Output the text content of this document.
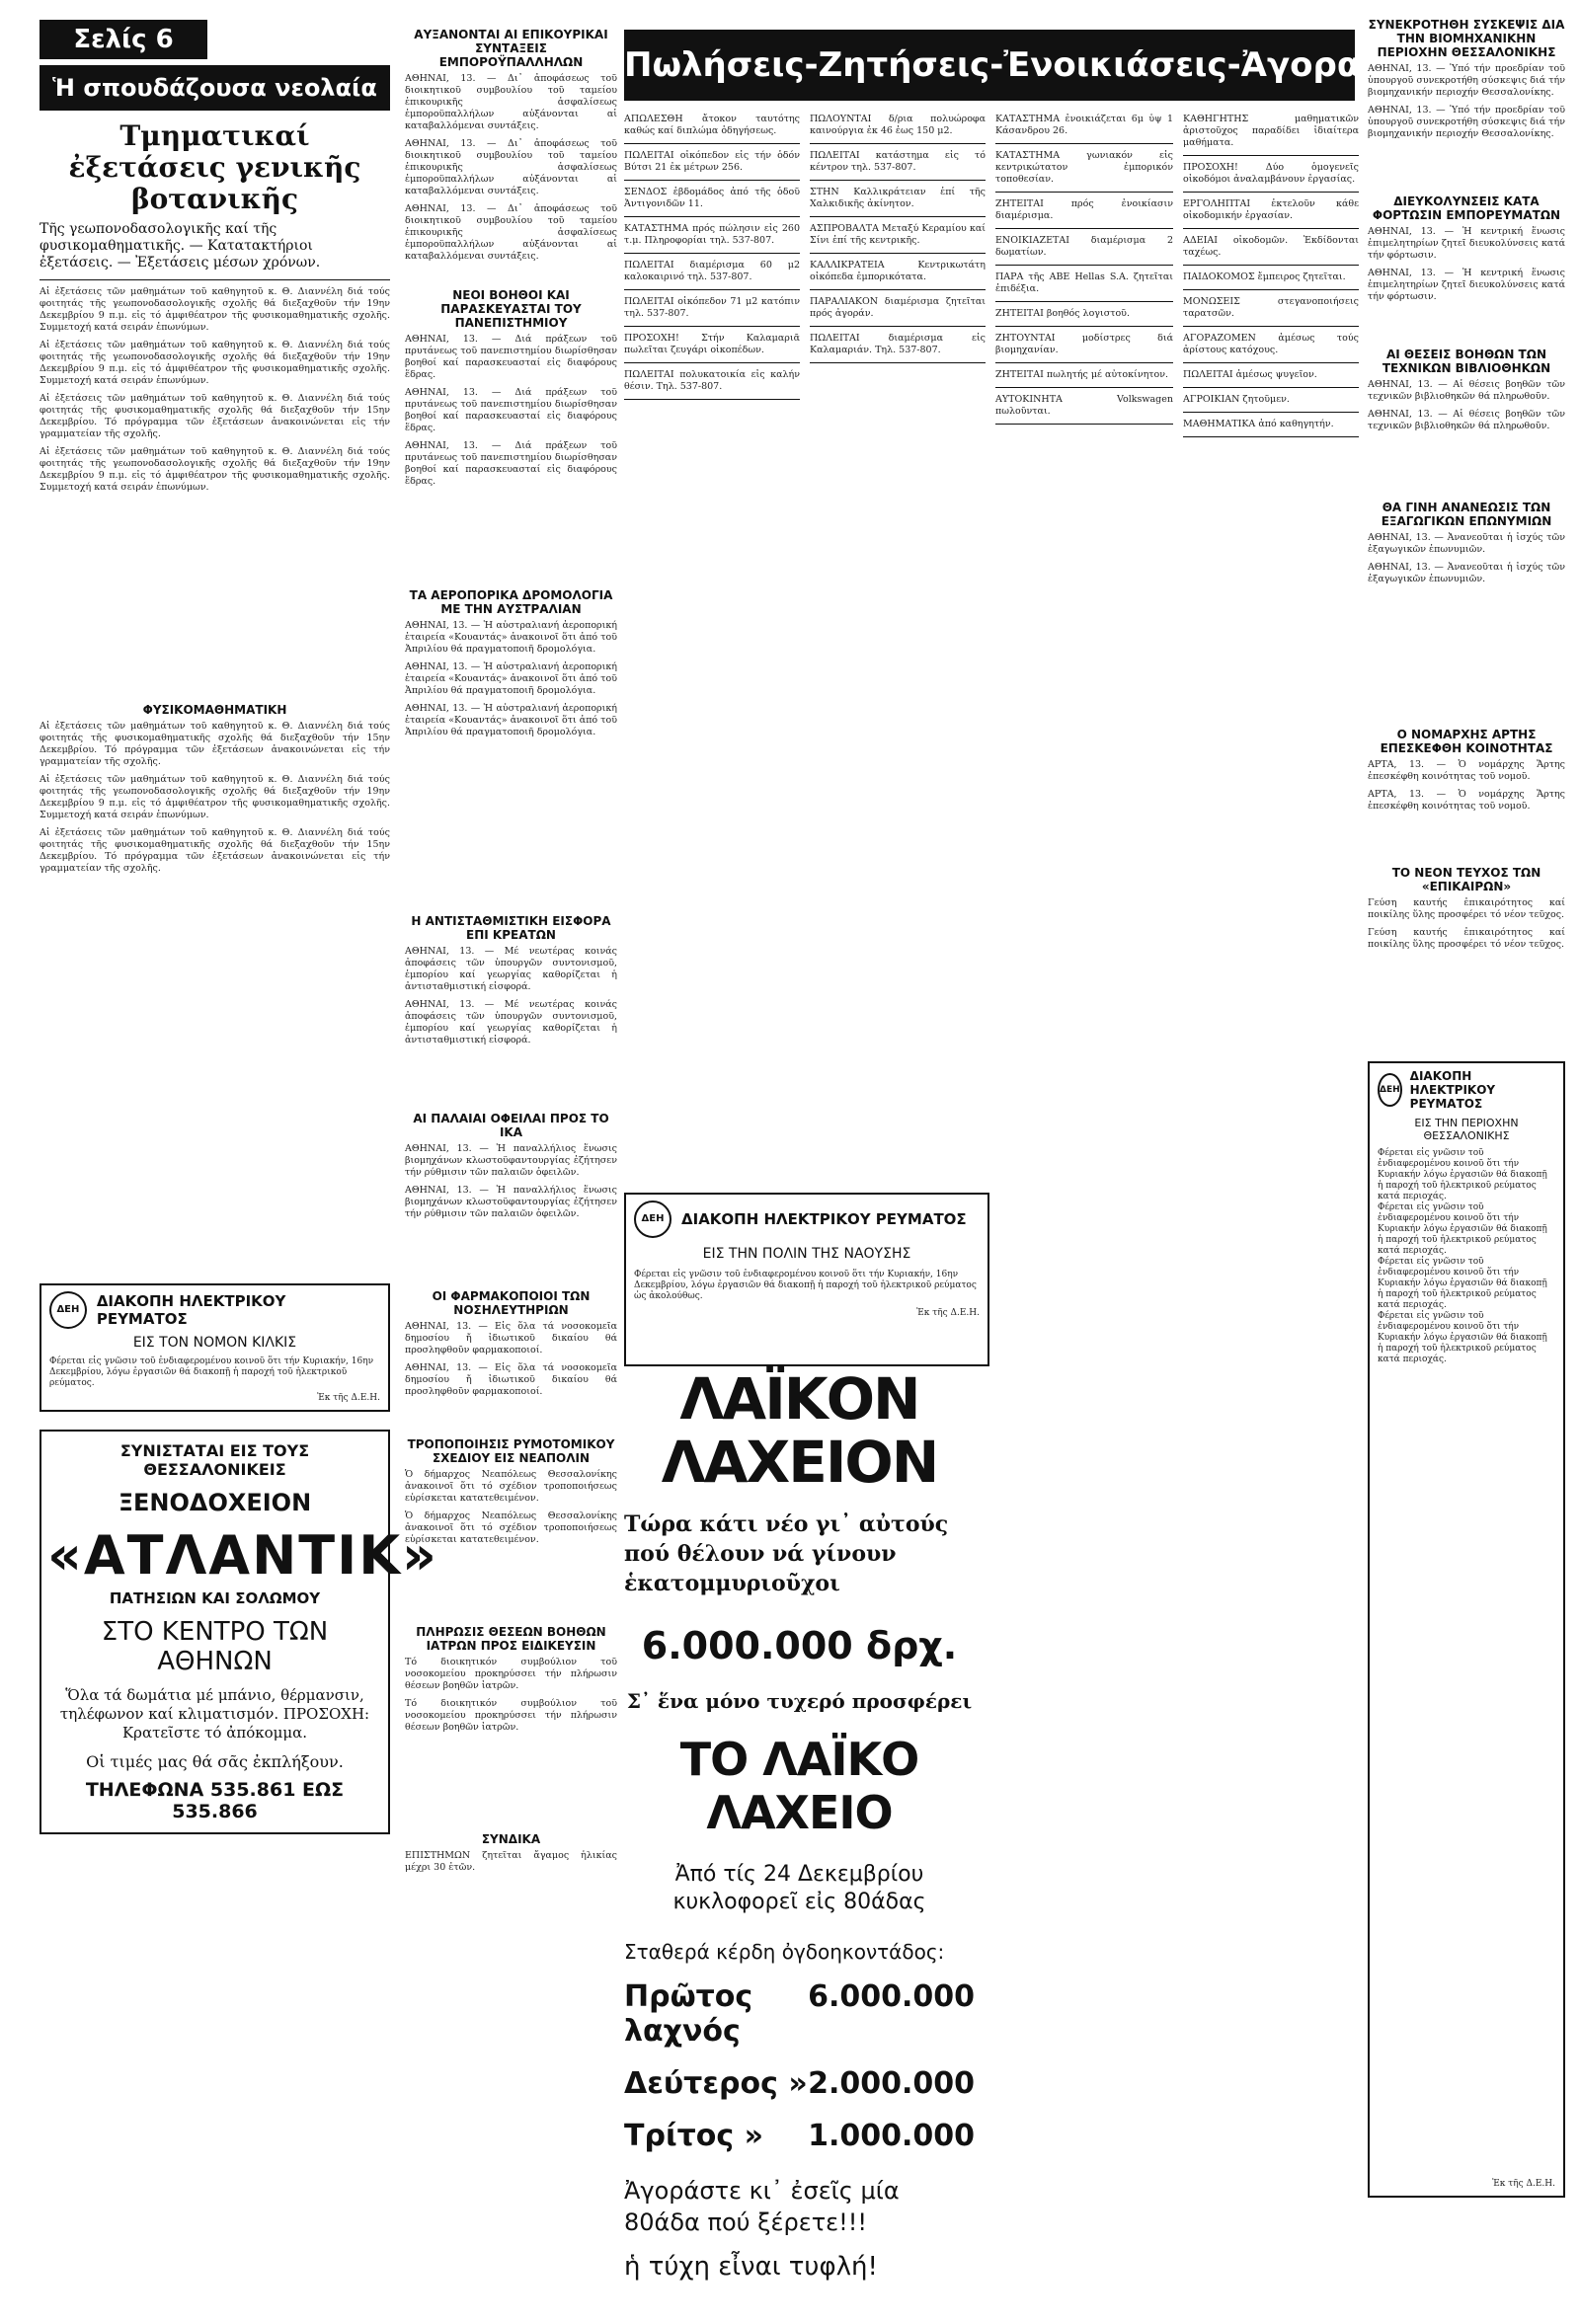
Σελίς 6
Ἡ σπουδάζουσα νεολαία
Τμηματικαί ἐξετάσεις γενικῆς βοτανικῆς
Τῆς γεωπονοδασολογικῆς καί τῆς φυσικομαθηματικῆς. — Κατατακτήριοι ἐξετάσεις. — Ἐξετάσεις μέσων χρόνων.

Αἱ ἐξετάσεις τῶν μαθημάτων τοῦ καθηγητοῦ κ. Θ. Διαννέλη διά τούς φοιτητάς τῆς γεωπονοδασολογικῆς σχολῆς θά διεξαχθοῦν τήν 19ην Δεκεμβρίου 9 π.μ. εἰς τό ἀμφιθέατρον τῆς φυσικομαθηματικῆς σχολῆς. Συμμετοχή κατά σειράν ἐπωνύμων.

Αἱ ἐξετάσεις τῶν μαθημάτων τοῦ καθηγητοῦ κ. Θ. Διαννέλη διά τούς φοιτητάς τῆς γεωπονοδασολογικῆς σχολῆς θά διεξαχθοῦν τήν 19ην Δεκεμβρίου 9 π.μ. εἰς τό ἀμφιθέατρον τῆς φυσικομαθηματικῆς σχολῆς. Συμμετοχή κατά σειράν ἐπωνύμων.

Αἱ ἐξετάσεις τῶν μαθημάτων τοῦ καθηγητοῦ κ. Θ. Διαννέλη διά τούς φοιτητάς τῆς φυσικομαθηματικῆς σχολῆς θά διεξαχθοῦν τήν 15ην Δεκεμβρίου. Τό πρόγραμμα τῶν ἐξετάσεων ἀνακοινώνεται εἰς τήν γραμματείαν τῆς σχολῆς.

Αἱ ἐξετάσεις τῶν μαθημάτων τοῦ καθηγητοῦ κ. Θ. Διαννέλη διά τούς φοιτητάς τῆς γεωπονοδασολογικῆς σχολῆς θά διεξαχθοῦν τήν 19ην Δεκεμβρίου 9 π.μ. εἰς τό ἀμφιθέατρον τῆς φυσικομαθηματικῆς σχολῆς. Συμμετοχή κατά σειράν ἐπωνύμων.

ΦΥΣΙΚΟΜΑΘΗΜΑΤΙΚΗ

Αἱ ἐξετάσεις τῶν μαθημάτων τοῦ καθηγητοῦ κ. Θ. Διαννέλη διά τούς φοιτητάς τῆς φυσικομαθηματικῆς σχολῆς θά διεξαχθοῦν τήν 15ην Δεκεμβρίου. Τό πρόγραμμα τῶν ἐξετάσεων ἀνακοινώνεται εἰς τήν γραμματείαν τῆς σχολῆς.

Αἱ ἐξετάσεις τῶν μαθημάτων τοῦ καθηγητοῦ κ. Θ. Διαννέλη διά τούς φοιτητάς τῆς γεωπονοδασολογικῆς σχολῆς θά διεξαχθοῦν τήν 19ην Δεκεμβρίου 9 π.μ. εἰς τό ἀμφιθέατρον τῆς φυσικομαθηματικῆς σχολῆς. Συμμετοχή κατά σειράν ἐπωνύμων.

Αἱ ἐξετάσεις τῶν μαθημάτων τοῦ καθηγητοῦ κ. Θ. Διαννέλη διά τούς φοιτητάς τῆς φυσικομαθηματικῆς σχολῆς θά διεξαχθοῦν τήν 15ην Δεκεμβρίου. Τό πρόγραμμα τῶν ἐξετάσεων ἀνακοινώνεται εἰς τήν γραμματείαν τῆς σχολῆς.

ΔΕΗ	ΔΙΑΚΟΠΗ ΗΛΕΚΤΡΙΚΟΥ ΡΕΥΜΑΤΟΣ
ΕΙΣ ΤΟΝ ΝΟΜΟΝ ΚΙΛΚΙΣ
Φέρεται εἰς γνῶσιν τοῦ ἐνδιαφερομένου κοινοῦ ὅτι τήν Κυριακήν, 16ην Δεκεμβρίου, λόγω ἐργασιῶν θά διακοπῇ ἡ παροχή τοῦ ἡλεκτρικοῦ ρεύματος.
Ἐκ τῆς Δ.Ε.Η.
ΣΥΝΙΣΤΑΤΑΙ ΕΙΣ ΤΟΥΣ ΘΕΣΣΑΛΟΝΙΚΕΙΣ
ΞΕΝΟΔΟΧΕΙΟΝ
«ΑΤΛΑΝΤΙΚ»
ΠΑΤΗΣΙΩΝ ΚΑΙ ΣΟΛΩΜΟΥ
ΣΤΟ ΚΕΝΤΡΟ ΤΩΝ ΑΘΗΝΩΝ
Ὅλα τά δωμάτια μέ μπάνιο, θέρμανσιν, τηλέφωνον καί κλιματισμόν. ΠΡΟΣΟΧΗ: Κρατεῖστε τό ἀπόκομμα.
Οἱ τιμές μας θά σᾶς ἐκπλήξουν.
ΤΗΛΕΦΩΝΑ 535.861 ΕΩΣ 535.866
ΑΥΞΑΝΟΝΤΑΙ ΑΙ ΕΠΙΚΟΥΡΙΚΑΙ ΣΥΝΤΑΞΕΙΣ ΕΜΠΟΡΟΫΠΑΛΛΗΛΩΝ

ΑΘΗΝΑΙ, 13. — Δι᾽ ἀποφάσεως τοῦ διοικητικοῦ συμβουλίου τοῦ ταμείου ἐπικουρικῆς ἀσφαλίσεως ἐμποροϋπαλλήλων αὐξάνονται αἱ καταβαλλόμεναι συντάξεις.

ΑΘΗΝΑΙ, 13. — Δι᾽ ἀποφάσεως τοῦ διοικητικοῦ συμβουλίου τοῦ ταμείου ἐπικουρικῆς ἀσφαλίσεως ἐμποροϋπαλλήλων αὐξάνονται αἱ καταβαλλόμεναι συντάξεις.

ΑΘΗΝΑΙ, 13. — Δι᾽ ἀποφάσεως τοῦ διοικητικοῦ συμβουλίου τοῦ ταμείου ἐπικουρικῆς ἀσφαλίσεως ἐμποροϋπαλλήλων αὐξάνονται αἱ καταβαλλόμεναι συντάξεις.

ΝΕΟΙ ΒΟΗΘΟΙ ΚΑΙ ΠΑΡΑΣΚΕΥΑΣΤΑΙ ΤΟΥ ΠΑΝΕΠΙΣΤΗΜΙΟΥ

ΑΘΗΝΑΙ, 13. — Διά πράξεων τοῦ πρυτάνεως τοῦ πανεπιστημίου διωρίσθησαν βοηθοί καί παρασκευασταί εἰς διαφόρους ἕδρας.

ΑΘΗΝΑΙ, 13. — Διά πράξεων τοῦ πρυτάνεως τοῦ πανεπιστημίου διωρίσθησαν βοηθοί καί παρασκευασταί εἰς διαφόρους ἕδρας.

ΑΘΗΝΑΙ, 13. — Διά πράξεων τοῦ πρυτάνεως τοῦ πανεπιστημίου διωρίσθησαν βοηθοί καί παρασκευασταί εἰς διαφόρους ἕδρας.

ΤΑ ΑΕΡΟΠΟΡΙΚΑ ΔΡΟΜΟΛΟΓΙΑ ΜΕ ΤΗΝ ΑΥΣΤΡΑΛΙΑΝ

ΑΘΗΝΑΙ, 13. — Ἡ αὐστραλιανή ἀεροπορική ἑταιρεία «Κουαντάς» ἀνακοινοῖ ὅτι ἀπό τοῦ Ἀπριλίου θά πραγματοποιῆ δρομολόγια.

ΑΘΗΝΑΙ, 13. — Ἡ αὐστραλιανή ἀεροπορική ἑταιρεία «Κουαντάς» ἀνακοινοῖ ὅτι ἀπό τοῦ Ἀπριλίου θά πραγματοποιῆ δρομολόγια.

ΑΘΗΝΑΙ, 13. — Ἡ αὐστραλιανή ἀεροπορική ἑταιρεία «Κουαντάς» ἀνακοινοῖ ὅτι ἀπό τοῦ Ἀπριλίου θά πραγματοποιῆ δρομολόγια.

Η ΑΝΤΙΣΤΑΘΜΙΣΤΙΚΗ ΕΙΣΦΟΡΑ ΕΠΙ ΚΡΕΑΤΩΝ

ΑΘΗΝΑΙ, 13. — Μέ νεωτέρας κοινάς ἀποφάσεις τῶν ὑπουργῶν συντονισμοῦ, ἐμπορίου καί γεωργίας καθορίζεται ἡ ἀντισταθμιστική εἰσφορά.

ΑΘΗΝΑΙ, 13. — Μέ νεωτέρας κοινάς ἀποφάσεις τῶν ὑπουργῶν συντονισμοῦ, ἐμπορίου καί γεωργίας καθορίζεται ἡ ἀντισταθμιστική εἰσφορά.

ΑΙ ΠΑΛΑΙΑΙ ΟΦΕΙΛΑΙ ΠΡΟΣ ΤΟ ΙΚΑ

ΑΘΗΝΑΙ, 13. — Ἡ παναλλήλιος ἕνωσις βιομηχάνων κλωστοϋφαντουργίας ἐζήτησεν τήν ρύθμισιν τῶν παλαιῶν ὀφειλῶν.

ΑΘΗΝΑΙ, 13. — Ἡ παναλλήλιος ἕνωσις βιομηχάνων κλωστοϋφαντουργίας ἐζήτησεν τήν ρύθμισιν τῶν παλαιῶν ὀφειλῶν.

ΟΙ ΦΑΡΜΑΚΟΠΟΙΟΙ ΤΩΝ ΝΟΣΗΛΕΥΤΗΡΙΩΝ

ΑΘΗΝΑΙ, 13. — Εἰς ὅλα τά νοσοκομεῖα δημοσίου ἤ ἰδιωτικοῦ δικαίου θά προσληφθοῦν φαρμακοποιοί.

ΑΘΗΝΑΙ, 13. — Εἰς ὅλα τά νοσοκομεῖα δημοσίου ἤ ἰδιωτικοῦ δικαίου θά προσληφθοῦν φαρμακοποιοί.

ΤΡΟΠΟΠΟΙΗΣΙΣ ΡΥΜΟΤΟΜΙΚΟΥ ΣΧΕΔΙΟΥ ΕΙΣ ΝΕΑΠΟΛΙΝ

Ὁ δήμαρχος Νεαπόλεως Θεσσαλονίκης ἀνακοινοῖ ὅτι τό σχέδιον τροποποιήσεως εὑρίσκεται κατατεθειμένον.

Ὁ δήμαρχος Νεαπόλεως Θεσσαλονίκης ἀνακοινοῖ ὅτι τό σχέδιον τροποποιήσεως εὑρίσκεται κατατεθειμένον.

ΠΛΗΡΩΣΙΣ ΘΕΣΕΩΝ ΒΟΗΘΩΝ ΙΑΤΡΩΝ ΠΡΟΣ ΕΙΔΙΚΕΥΣΙΝ

Τό διοικητικόν συμβούλιον τοῦ νοσοκομείου προκηρύσσει τήν πλήρωσιν θέσεων βοηθῶν ἰατρῶν.

Τό διοικητικόν συμβούλιον τοῦ νοσοκομείου προκηρύσσει τήν πλήρωσιν θέσεων βοηθῶν ἰατρῶν.

ΣΥΝΔΙΚΑ

ΕΠΙΣΤΗΜΩΝ ζητεῖται ἄγαμος ἡλικίας μέχρι 30 ἐτῶν.

Πωλήσεις-Ζητήσεις-Ἐνοικιάσεις-Ἀγοραί

ΑΠΩΛΕΣΘΗ ἄτοκον ταυτότης καθώς καί διπλώμα ὁδηγήσεως.

ΠΩΛΕΙΤΑΙ οἰκόπεδον εἰς τήν ὁδόν Βύτσι 21 ἐκ μέτρων 256.

ΣΕΝΔΟΣ ἑβδομάδος ἀπό τῆς ὁδοῦ Ἀντιγονιδῶν 11.

ΚΑΤΑΣΤΗΜΑ πρός πώλησιν εἰς 260 τ.μ. Πληροφορίαι τηλ. 537-807.

ΠΩΛΕΙΤΑΙ διαμέρισμα 60 μ2 καλοκαιρινό τηλ. 537-807.

ΠΩΛΕΙΤΑΙ οἰκόπεδον 71 μ2 κατόπιν τηλ. 537-807.

ΠΡΟΣΟΧΗ! Στήν Καλαμαριᾶ πωλεῖται ζευγάρι οἰκοπέδων.

ΠΩΛΕΙΤΑΙ πολυκατοικία εἰς καλήν θέσιν. Τηλ. 537-807.

ΠΩΛΟΥΝΤΑΙ δ/ρια πολυώροφα καινούργια ἐκ 46 ἐως 150 μ2.

ΠΩΛΕΙΤΑΙ κατάστημα εἰς τό κέντρον τηλ. 537-807.

ΣΤΗΝ Καλλικράτειαν ἐπί τῆς Χαλκιδικῆς ἀκίνητον.

ΑΣΠΡΟΒΑΛΤΑ Μεταξύ Κεραμίου καί Σίνι ἐπί τῆς κεντρικῆς.

ΚΑΛΛΙΚΡΑΤΕΙΑ Κεντρικωτάτη οἰκόπεδα ἐμπορικότατα.

ΠΑΡΑΛΙΑΚΟΝ διαμέρισμα ζητεῖται πρός ἀγοράν.

ΠΩΛΕΙΤΑΙ διαμέρισμα εἰς Καλαμαριάν. Τηλ. 537-807.

ΚΑΤΑΣΤΗΜΑ ἐνοικιάζεται 6μ ὑψ 1 Κάσανδρου 26.

ΚΑΤΑΣΤΗΜΑ γωνιακόν εἰς κεντρικώτατον ἐμπορικόν τοποθεσίαν.

ΖΗΤΕΙΤΑΙ πρός ἐνοικίασιν διαμέρισμα.

ΕΝΟΙΚΙΑΖΕΤΑΙ διαμέρισμα 2 δωματίων.

ΠΑΡΑ τῆς ΑΒΕ Hellas S.A. ζητεῖται ἐπιδέξια.

ΖΗΤΕΙΤΑΙ βοηθός λογιστοῦ.

ΖΗΤΟΥΝΤΑΙ μοδίστρες διά βιομηχανίαν.

ΖΗΤΕΙΤΑΙ πωλητής μέ αὐτοκίνητον.

ΑΥΤΟΚΙΝΗΤΑ Volkswagen πωλοῦνται.

ΚΑΘΗΓΗΤΗΣ μαθηματικῶν ἀριστοῦχος παραδίδει ἰδιαίτερα μαθήματα.

ΠΡΟΣΟΧΗ! Δύο ὁμογενεῖς οἰκοδόμοι ἀναλαμβάνουν ἐργασίας.

ΕΡΓΟΛΗΠΤΑΙ ἐκτελοῦν κάθε οἰκοδομικήν ἐργασίαν.

ΑΔΕΙΑΙ οἰκοδομῶν. Ἐκδίδονται ταχέως.

ΠΑΙΔΟΚΟΜΟΣ ἔμπειρος ζητεῖται.

ΜΟΝΩΣΕΙΣ στεγανοποιήσεις ταρατσῶν.

ΑΓΟΡΑΖΟΜΕΝ ἀμέσως τούς ἀρίστους κατόχους.

ΠΩΛΕΙΤΑΙ ἀμέσως ψυγεῖον.

ΑΓΡΟΙΚΙΑΝ ζητοῦμεν.

ΜΑΘΗΜΑΤΙΚΑ ἀπό καθηγητήν.

ΔΕΗ	ΔΙΑΚΟΠΗ ΗΛΕΚΤΡΙΚΟΥ ΡΕΥΜΑΤΟΣ
ΕΙΣ ΤΗΝ ΠΟΛΙΝ ΤΗΣ ΝΑΟΥΣΗΣ
Φέρεται εἰς γνῶσιν τοῦ ἐνδιαφερομένου κοινοῦ ὅτι τήν Κυριακήν, 16ην Δεκεμβρίου, λόγω ἐργασιῶν θά διακοπῇ ἡ παροχή τοῦ ἡλεκτρικοῦ ρεύματος ὡς ἀκολούθως.
Ἐκ τῆς Δ.Ε.Η.
ΛΑΪΚΟΝ ΛΑΧΕΙΟΝ
Τώρα κάτι νέο γι᾽ αὐτούς πού θέλουν νά γίνουν ἑκατομμυριοῦχοι
6.000.000 δρχ.
Σ᾽ ἕνα μόνο τυχερό προσφέρει
ΤΟ ΛΑΪΚΟ ΛΑΧΕΙΟ
Ἀπό τίς 24 Δεκεμβρίου κυκλοφορεῖ εἰς 80άδας
Σταθερά κέρδη ὀγδοηκοντάδος:
Πρῶτος λαχνός
6.000.000
Δεύτερος » 2.000.000
Τρίτος » 1.000.000
Ἀγοράστε κι᾽ ἐσεῖς μία 80άδα πού ξέρετε!!!
ἡ τύχη εἶναι τυφλή!
ΣΥΝΕΚΡΟΤΗΘΗ ΣΥΣΚΕΨΙΣ ΔΙΑ ΤΗΝ ΒΙΟΜΗΧΑΝΙΚΗΝ ΠΕΡΙΟΧΗΝ ΘΕΣΣΑΛΟΝΙΚΗΣ

ΑΘΗΝΑΙ, 13. — Ὑπό τήν προεδρίαν τοῦ ὑπουργοῦ συνεκροτήθη σύσκεψις διά τήν βιομηχανικήν περιοχήν Θεσσαλονίκης.

ΑΘΗΝΑΙ, 13. — Ὑπό τήν προεδρίαν τοῦ ὑπουργοῦ συνεκροτήθη σύσκεψις διά τήν βιομηχανικήν περιοχήν Θεσσαλονίκης.

ΔΙΕΥΚΟΛΥΝΣΕΙΣ ΚΑΤΑ ΦΟΡΤΩΣΙΝ ΕΜΠΟΡΕΥΜΑΤΩΝ

ΑΘΗΝΑΙ, 13. — Ἡ κεντρική ἕνωσις ἐπιμελητηρίων ζητεῖ διευκολύνσεις κατά τήν φόρτωσιν.

ΑΘΗΝΑΙ, 13. — Ἡ κεντρική ἕνωσις ἐπιμελητηρίων ζητεῖ διευκολύνσεις κατά τήν φόρτωσιν.

ΑΙ ΘΕΣΕΙΣ ΒΟΗΘΩΝ ΤΩΝ ΤΕΧΝΙΚΩΝ ΒΙΒΛΙΟΘΗΚΩΝ

ΑΘΗΝΑΙ, 13. — Αἱ θέσεις βοηθῶν τῶν τεχνικῶν βιβλιοθηκῶν θά πληρωθοῦν.

ΑΘΗΝΑΙ, 13. — Αἱ θέσεις βοηθῶν τῶν τεχνικῶν βιβλιοθηκῶν θά πληρωθοῦν.

ΘΑ ΓΙΝΗ ΑΝΑΝΕΩΣΙΣ ΤΩΝ ΕΞΑΓΩΓΙΚΩΝ ΕΠΩΝΥΜΙΩΝ

ΑΘΗΝΑΙ, 13. — Ἀνανεοῦται ἡ ἰσχύς τῶν ἐξαγωγικῶν ἐπωνυμιῶν.

ΑΘΗΝΑΙ, 13. — Ἀνανεοῦται ἡ ἰσχύς τῶν ἐξαγωγικῶν ἐπωνυμιῶν.

Ο ΝΟΜΑΡΧΗΣ ΑΡΤΗΣ ΕΠΕΣΚΕΦΘΗ ΚΟΙΝΟΤΗΤΑΣ

ΑΡΤΑ, 13. — Ὁ νομάρχης Ἄρτης ἐπεσκέφθη κοινότητας τοῦ νομοῦ.

ΑΡΤΑ, 13. — Ὁ νομάρχης Ἄρτης ἐπεσκέφθη κοινότητας τοῦ νομοῦ.

ΤΟ ΝΕΟΝ ΤΕΥΧΟΣ ΤΩΝ «ΕΠΙΚΑΙΡΩΝ»

Γεύση καυτής ἐπικαιρότητος καί ποικίλης ὕλης προσφέρει τό νέον τεῦχος.

Γεύση καυτής ἐπικαιρότητος καί ποικίλης ὕλης προσφέρει τό νέον τεῦχος.

ΔΕΗ
ΔΙΑΚΟΠΗ ΗΛΕΚΤΡΙΚΟΥ ΡΕΥΜΑΤΟΣ
ΕΙΣ ΤΗΝ ΠΕΡΙΟΧΗΝ ΘΕΣΣΑΛΟΝΙΚΗΣ
Φέρεται εἰς γνῶσιν τοῦ ἐνδιαφερομένου κοινοῦ ὅτι τήν Κυριακήν λόγω ἐργασιῶν θά διακοπῇ ἡ παροχή τοῦ ἡλεκτρικοῦ ρεύματος κατά περιοχάς.
Φέρεται εἰς γνῶσιν τοῦ ἐνδιαφερομένου κοινοῦ ὅτι τήν Κυριακήν λόγω ἐργασιῶν θά διακοπῇ ἡ παροχή τοῦ ἡλεκτρικοῦ ρεύματος κατά περιοχάς.
Φέρεται εἰς γνῶσιν τοῦ ἐνδιαφερομένου κοινοῦ ὅτι τήν Κυριακήν λόγω ἐργασιῶν θά διακοπῇ ἡ παροχή τοῦ ἡλεκτρικοῦ ρεύματος κατά περιοχάς.
Φέρεται εἰς γνῶσιν τοῦ ἐνδιαφερομένου κοινοῦ ὅτι τήν Κυριακήν λόγω ἐργασιῶν θά διακοπῇ ἡ παροχή τοῦ ἡλεκτρικοῦ ρεύματος κατά περιοχάς.
Ἐκ τῆς Δ.Ε.Η.
